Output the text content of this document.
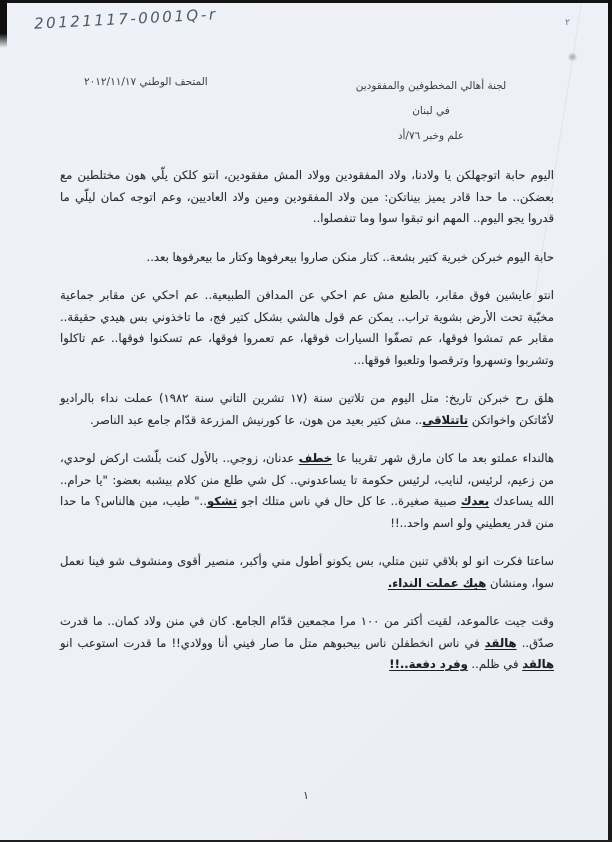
20121117-0001Q-r	٢
لجنة أهالي المخطوفين والمفقودين
في لبنان
علم وخبر ٧٦/أد
المتحف الوطني ٢٠١٢/١١/١٧

اليوم حابة اتوجهلكن يا ولادنا، ولاد المفقودين وولاد المش مفقودين، انتو كلكن يلّي هون مختلطين مع بعضكن.. ما حدا قادر يميز بيناتكن: مين ولاد المفقودين ومين ولاد العاديين، وعم اتوجه كمان ليلّي ما قدروا يجو اليوم.. المهم انو تبقوا سوا وما تنفصلوا..

حابة اليوم خبركن خبرية كتير بشعة.. كتار منكن صاروا بيعرفوها وكتار ما بيعرفوها بعد..

انتو عايشين فوق مقابر، بالطبع مش عم احكي عن المدافن الطبيعية.. عم احكي عن مقابر جماعية مخبّية تحت الأرض بشوية تراب.. يمكن عم قول هالشي بشكل كتير فج، ما تاخذوني بس هيدي حقيقة.. مقابر عم تمشوا فوقها، عم تصفّوا السيارات فوقها، عم تعمروا فوقها، عم تسكنوا فوقها.. عم تاكلوا وتشربوا وتسهروا وترقصوا وتلعبوا فوقها...

هلق رح خبركن تاريخ: متل اليوم من تلاتين سنة (١٧ تشرين التاني سنة ١٩٨٢) عملت نداء بالراديو لأمّاتكن واخواتكن تاتتلاقى.. مش كتير بعيد من هون، عا كورنيش المزرعة قدّام جامع عبد الناصر.

هالنداء عملتو بعد ما كان مارق شهر تقريبا عا خطف عدنان، زوجي.. بالأول كنت بلّشت اركض لوحدي، من زعيم، لرئيس، لنايب، لرئيس حكومة تا يساعدوني.. كل شي طلع منن كلام بيشبه بعضو: "يا حرام.. الله يساعدك بعدك صبية صغيرة.. عا كل حال في ناس متلك اجو تشكو.." طيب، مين هالناس؟ ما حدا منن قدر يعطيني ولو اسم واحد..!!

ساعتا فكرت انو لو بلاقي تنين متلي، بس يكونو أطول مني وأكبر، منصير أقوى ومنشوف شو فينا نعمل سوا، ومنشان هيك عملت النداء.

وقت جيت عالموعد، لقيت أكتر من ١٠٠ مرا مجمعين قدّام الجامع. كان في منن ولاد كمان.. ما قدرت صدّق.. هالقد في ناس انخطفلن ناس بيحبوهم متل ما صار فيني أنا وولادي!! ما قدرت استوعب انو هالقد في ظلم.. وفرد دفعة..!!

١
